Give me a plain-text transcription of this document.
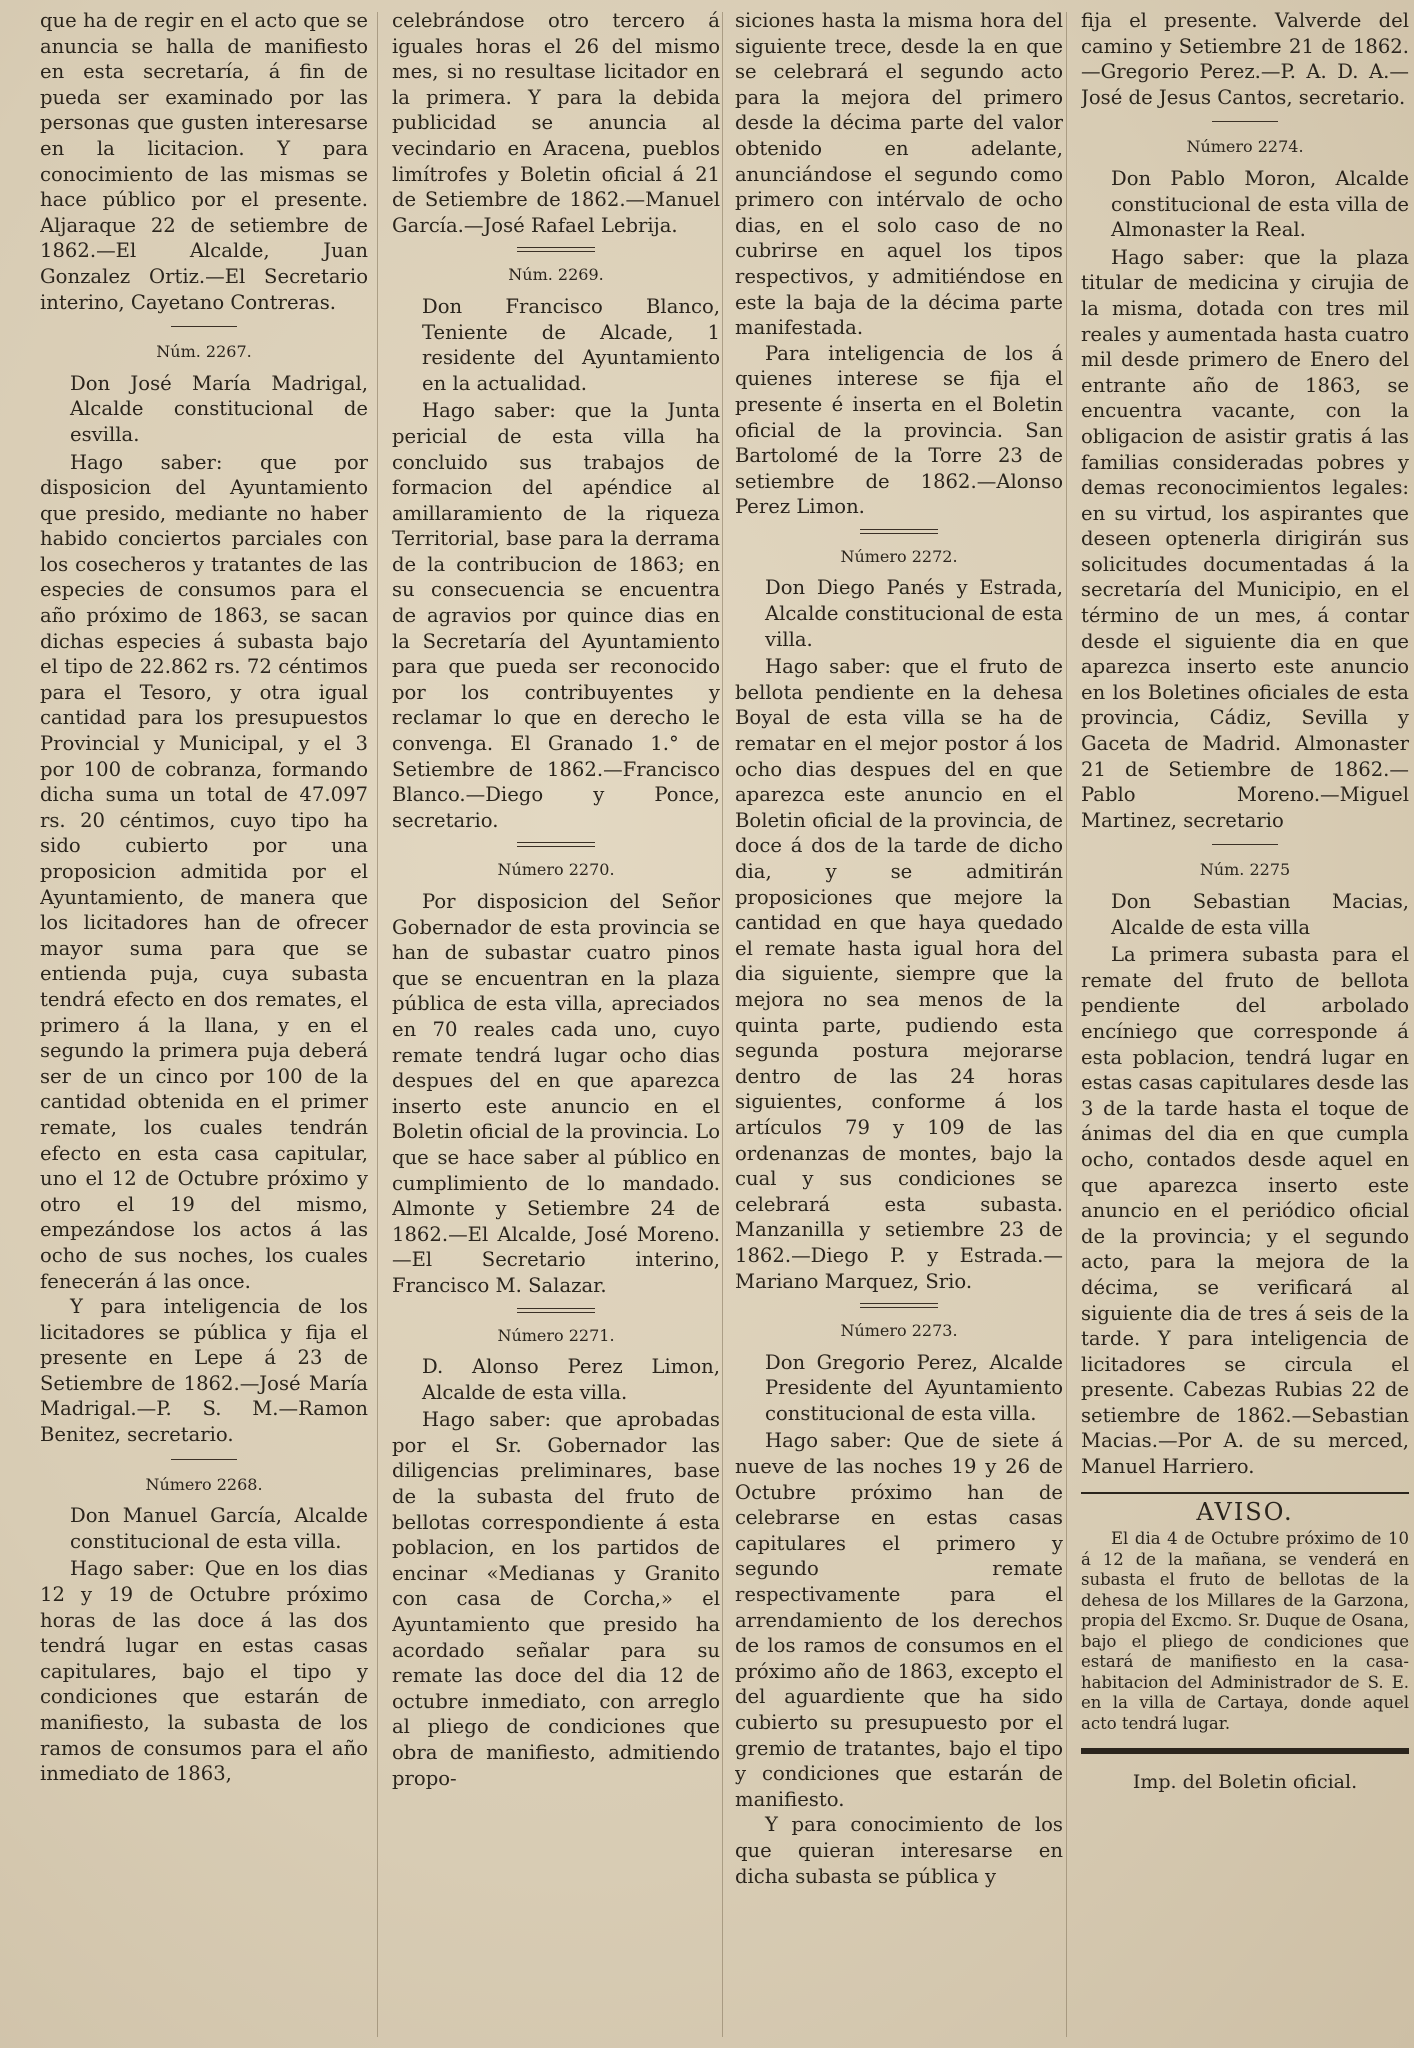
que ha de regir en el acto que se anuncia se halla de manifiesto en esta secretaría, á fin de pueda ser examinado por las personas que gusten interesarse en la licitacion. Y para conocimiento de las mismas se hace público por el presente. Aljaraque 22 de setiembre de 1862.—El Alcalde, Juan Gonzalez Ortiz.—El Secretario interino, Cayetano Contreras.

Núm. 2267.

Don José María Madrigal, Alcalde constitucional de esvilla.

Hago saber: que por disposicion del Ayuntamiento que presido, mediante no haber habido conciertos parciales con los cosecheros y tratantes de las especies de consumos para el año próximo de 1863, se sacan dichas especies á subasta bajo el tipo de 22.862 rs. 72 céntimos para el Tesoro, y otra igual cantidad para los presupuestos Provincial y Municipal, y el 3 por 100 de cobranza, formando dicha suma un total de 47.097 rs. 20 céntimos, cuyo tipo ha sido cubierto por una proposicion admitida por el Ayuntamiento, de manera que los licitadores han de ofrecer mayor suma para que se entienda puja, cuya subasta tendrá efecto en dos remates, el primero á la llana, y en el segundo la primera puja deberá ser de un cinco por 100 de la cantidad obtenida en el primer remate, los cuales tendrán efecto en esta casa capitular, uno el 12 de Octubre próximo y otro el 19 del mismo, empezándose los actos á las ocho de sus noches, los cuales fenecerán á las once.

Y para inteligencia de los licitadores se pública y fija el presente en Lepe á 23 de Setiembre de 1862.—José María Madrigal.—P. S. M.—Ramon Benitez, secretario.

Número 2268.

Don Manuel García, Alcalde constitucional de esta villa.

Hago saber: Que en los dias 12 y 19 de Octubre próximo horas de las doce á las dos tendrá lugar en estas casas capitulares, bajo el tipo y condiciones que estarán de manifiesto, la subasta de los ramos de consumos para el año inmediato de 1863,

celebrándose otro tercero á iguales horas el 26 del mismo mes, si no resultase licitador en la primera. Y para la debida publicidad se anuncia al vecindario en Aracena, pueblos limítrofes y Boletin oficial á 21 de Setiembre de 1862.—Manuel García.—José Rafael Lebrija.

Núm. 2269.

Don Francisco Blanco, Teniente de Alcade, 1 residente del Ayuntamiento en la actualidad.

Hago saber: que la Junta pericial de esta villa ha concluido sus trabajos de formacion del apéndice al amillaramiento de la riqueza Territorial, base para la derrama de la contribucion de 1863; en su consecuencia se encuentra de agravios por quince dias en la Secretaría del Ayuntamiento para que pueda ser reconocido por los contribuyentes y reclamar lo que en derecho le convenga. El Granado 1.° de Setiembre de 1862.—Francisco Blanco.—Diego y Ponce, secretario.

Número 2270.

Por disposicion del Señor Gobernador de esta provincia se han de subastar cuatro pinos que se encuentran en la plaza pública de esta villa, apreciados en 70 reales cada uno, cuyo remate tendrá lugar ocho dias despues del en que aparezca inserto este anuncio en el Boletin oficial de la provincia. Lo que se hace saber al público en cumplimiento de lo mandado. Almonte y Setiembre 24 de 1862.—El Alcalde, José Moreno.—El Secretario interino, Francisco M. Salazar.

Número 2271.

D. Alonso Perez Limon, Alcalde de esta villa.

Hago saber: que aprobadas por el Sr. Gobernador las diligencias preliminares, base de la subasta del fruto de bellotas correspondiente á esta poblacion, en los partidos de encinar «Medianas y Granito con casa de Corcha,» el Ayuntamiento que presido ha acordado señalar para su remate las doce del dia 12 de octubre inmediato, con arreglo al pliego de condiciones que obra de manifiesto, admitiendo propo-

siciones hasta la misma hora del siguiente trece, desde la en que se celebrará el segundo acto para la mejora del primero desde la décima parte del valor obtenido en adelante, anunciándose el segundo como primero con intérvalo de ocho dias, en el solo caso de no cubrirse en aquel los tipos respectivos, y admitiéndose en este la baja de la décima parte manifestada.

Para inteligencia de los á quienes interese se fija el presente é inserta en el Boletin oficial de la provincia. San Bartolomé de la Torre 23 de setiembre de 1862.—Alonso Perez Limon.

Número 2272.

Don Diego Panés y Estrada, Alcalde constitucional de esta villa.

Hago saber: que el fruto de bellota pendiente en la dehesa Boyal de esta villa se ha de rematar en el mejor postor á los ocho dias despues del en que aparezca este anuncio en el Boletin oficial de la provincia, de doce á dos de la tarde de dicho dia, y se admitirán proposiciones que mejore la cantidad en que haya quedado el remate hasta igual hora del dia siguiente, siempre que la mejora no sea menos de la quinta parte, pudiendo esta segunda postura mejorarse dentro de las 24 horas siguientes, conforme á los artículos 79 y 109 de las ordenanzas de montes, bajo la cual y sus condiciones se celebrará esta subasta. Manzanilla y setiembre 23 de 1862.—Diego P. y Estrada.—Mariano Marquez, Srio.

Número 2273.

Don Gregorio Perez, Alcalde Presidente del Ayuntamiento constitucional de esta villa.

Hago saber: Que de siete á nueve de las noches 19 y 26 de Octubre próximo han de celebrarse en estas casas capitulares el primero y segundo remate respectivamente para el arrendamiento de los derechos de los ramos de consumos en el próximo año de 1863, excepto el del aguardiente que ha sido cubierto su presupuesto por el gremio de tratantes, bajo el tipo y condiciones que estarán de manifiesto.

Y para conocimiento de los que quieran interesarse en dicha subasta se pública y

fija el presente. Valverde del camino y Setiembre 21 de 1862.—Gregorio Perez.—P. A. D. A.—José de Jesus Cantos, secretario.

Número 2274.

Don Pablo Moron, Alcalde constitucional de esta villa de Almonaster la Real.

Hago saber: que la plaza titular de medicina y cirujia de la misma, dotada con tres mil reales y aumentada hasta cuatro mil desde primero de Enero del entrante año de 1863, se encuentra vacante, con la obligacion de asistir gratis á las familias consideradas pobres y demas reconocimientos legales: en su virtud, los aspirantes que deseen optenerla dirigirán sus solicitudes documentadas á la secretaría del Municipio, en el término de un mes, á contar desde el siguiente dia en que aparezca inserto este anuncio en los Boletines oficiales de esta provincia, Cádiz, Sevilla y Gaceta de Madrid. Almonaster 21 de Setiembre de 1862.—Pablo Moreno.—Miguel Martinez, secretario

Núm. 2275

Don Sebastian Macias, Alcalde de esta villa

La primera subasta para el remate del fruto de bellota pendiente del arbolado encíniego que corresponde á esta poblacion, tendrá lugar en estas casas capitulares desde las 3 de la tarde hasta el toque de ánimas del dia en que cumpla ocho, contados desde aquel en que aparezca inserto este anuncio en el periódico oficial de la provincia; y el segundo acto, para la mejora de la décima, se verificará al siguiente dia de tres á seis de la tarde. Y para inteligencia de licitadores se circula el presente. Cabezas Rubias 22 de setiembre de 1862.—Sebastian Macias.—Por A. de su merced, Manuel Harriero.

AVISO.

El dia 4 de Octubre próximo de 10 á 12 de la mañana, se venderá en subasta el fruto de bellotas de la dehesa de los Millares de la Garzona, propia del Excmo. Sr. Duque de Osana, bajo el pliego de condiciones que estará de manifiesto en la casa-habitacion del Administrador de S. E. en la villa de Cartaya, donde aquel acto tendrá lugar.

Imp. del Boletin oficial.
